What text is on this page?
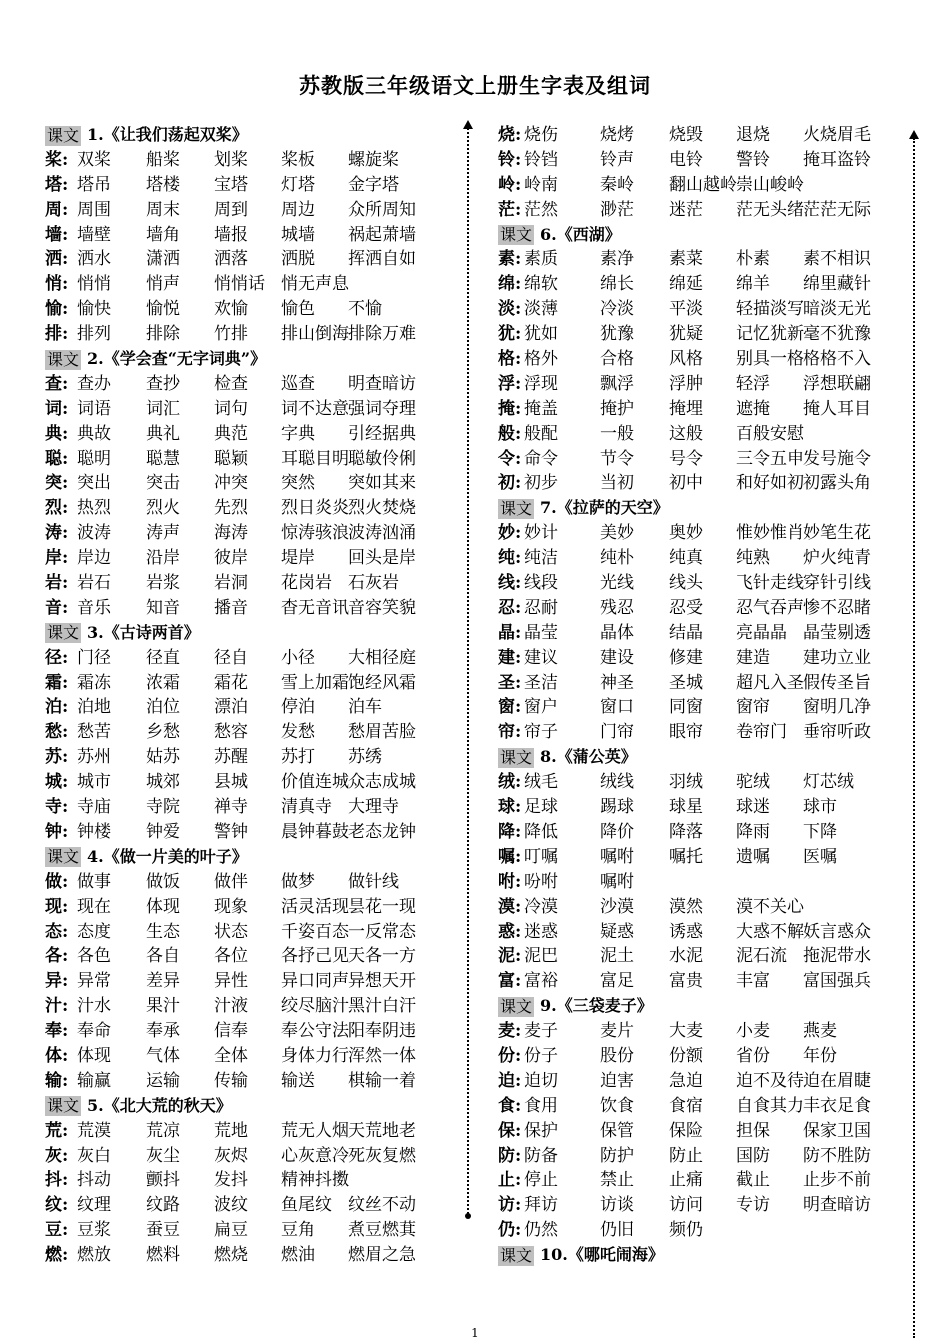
苏教版三年级语文上册生字表及组词
课文 1.《让我们荡起双桨》
桨: 双桨 船桨 划桨 桨板 螺旋桨
塔: 塔吊 塔楼 宝塔 灯塔 金字塔
周: 周围 周末 周到 周边 众所周知
墙: 墙壁 墙角 墙报 城墙 祸起萧墙
洒: 洒水 潇洒 洒落 洒脱 挥洒自如
悄: 悄悄 悄声 悄悄话 悄无声息
愉: 愉快 愉悦 欢愉 愉色 不愉
排: 排列 排除 竹排 排山倒海 排除万难
课文 2.《学会查“无字词典”》
查: 查办 查抄 检查 巡查 明查暗访
词: 词语 词汇 词句 词不达意 强词夺理
典: 典故 典礼 典范 字典 引经据典
聪: 聪明 聪慧 聪颖 耳聪目明 聪敏伶俐
突: 突出 突击 冲突 突然 突如其来
烈: 热烈 烈火 先烈 烈日炎炎 烈火焚烧
涛: 波涛 涛声 海涛 惊涛骇浪 波涛汹涌
岸: 岸边 沿岸 彼岸 堤岸 回头是岸
岩: 岩石 岩浆 岩洞 花岗岩 石灰岩
音: 音乐 知音 播音 杳无音讯 音容笑貌
课文 3.《古诗两首》
径: 门径 径直 径自 小径 大相径庭
霜: 霜冻 浓霜 霜花 雪上加霜 饱经风霜
泊: 泊地 泊位 漂泊 停泊 泊车
愁: 愁苦 乡愁 愁容 发愁 愁眉苦脸
苏: 苏州 姑苏 苏醒 苏打 苏绣
城: 城市 城郊 县城 价值连城 众志成城
寺: 寺庙 寺院 禅寺 清真寺 大理寺
钟: 钟楼 钟爱 警钟 晨钟暮鼓 老态龙钟
课文 4.《做一片美的叶子》
做: 做事 做饭 做伴 做梦 做针线
现: 现在 体现 现象 活灵活现 昙花一现
态: 态度 生态 状态 千姿百态 一反常态
各: 各色 各自 各位 各抒己见 天各一方
异: 异常 差异 异性 异口同声 异想天开
汁: 汁水 果汁 汁液 绞尽脑汁 黑汁白汗
奉: 奉命 奉承 信奉 奉公守法 阳奉阴违
体: 体现 气体 全体 身体力行 浑然一体
输: 输赢 运输 传输 输送 棋输一着
课文 5.《北大荒的秋天》
荒: 荒漠 荒凉 荒地 荒无人烟 天荒地老
灰: 灰白 灰尘 灰烬 心灰意冷 死灰复燃
抖: 抖动 颤抖 发抖 精神抖擞
纹: 纹理 纹路 波纹 鱼尾纹 纹丝不动
豆: 豆浆 蚕豆 扁豆 豆角 煮豆燃萁
燃: 燃放 燃料 燃烧 燃油 燃眉之急
烧: 烧伤 烧烤 烧毁 退烧 火烧眉毛
铃: 铃铛 铃声 电铃 警铃 掩耳盗铃
岭: 岭南 秦岭 翻山越岭 崇山峻岭
茫: 茫然 渺茫 迷茫 茫无头绪 茫茫无际
课文 6.《西湖》
素: 素质 素净 素菜 朴素 素不相识
绵: 绵软 绵长 绵延 绵羊 绵里藏针
淡: 淡薄 冷淡 平淡 轻描淡写 暗淡无光
犹: 犹如 犹豫 犹疑 记忆犹新 毫不犹豫
格: 格外 合格 风格 别具一格 格格不入
浮: 浮现 飘浮 浮肿 轻浮 浮想联翩
掩: 掩盖 掩护 掩埋 遮掩 掩人耳目
般: 般配 一般 这般 百般安慰
令: 命令 节令 号令 三令五申 发号施令
初: 初步 当初 初中 和好如初 初露头角
课文 7.《拉萨的天空》
妙: 妙计 美妙 奥妙 惟妙惟肖 妙笔生花
纯: 纯洁 纯朴 纯真 纯熟 炉火纯青
线: 线段 光线 线头 飞针走线 穿针引线
忍: 忍耐 残忍 忍受 忍气吞声 惨不忍睹
晶: 晶莹 晶体 结晶 亮晶晶 晶莹剔透
建: 建议 建设 修建 建造 建功立业
圣: 圣洁 神圣 圣城 超凡入圣 假传圣旨
窗: 窗户 窗口 同窗 窗帘 窗明几净
帘: 帘子 门帘 眼帘 卷帘门 垂帘听政
课文 8.《蒲公英》
绒: 绒毛 绒线 羽绒 驼绒 灯芯绒
球: 足球 踢球 球星 球迷 球市
降: 降低 降价 降落 降雨 下降
嘱: 叮嘱 嘱咐 嘱托 遗嘱 医嘱
咐: 吩咐 嘱咐
漠: 冷漠 沙漠 漠然 漠不关心
惑: 迷惑 疑惑 诱惑 大惑不解 妖言惑众
泥: 泥巴 泥土 水泥 泥石流 拖泥带水
富: 富裕 富足 富贵 丰富 富国强兵
课文 9.《三袋麦子》
麦: 麦子 麦片 大麦 小麦 燕麦
份: 份子 股份 份额 省份 年份
迫: 迫切 迫害 急迫 迫不及待 迫在眉睫
食: 食用 饮食 食宿 自食其力 丰衣足食
保: 保护 保管 保险 担保 保家卫国
防: 防备 防护 防止 国防 防不胜防
止: 停止 禁止 止痛 截止 止步不前
访: 拜访 访谈 访问 专访 明查暗访
仍: 仍然 仍旧 频仍
课文 10.《哪吒闹海》
1
